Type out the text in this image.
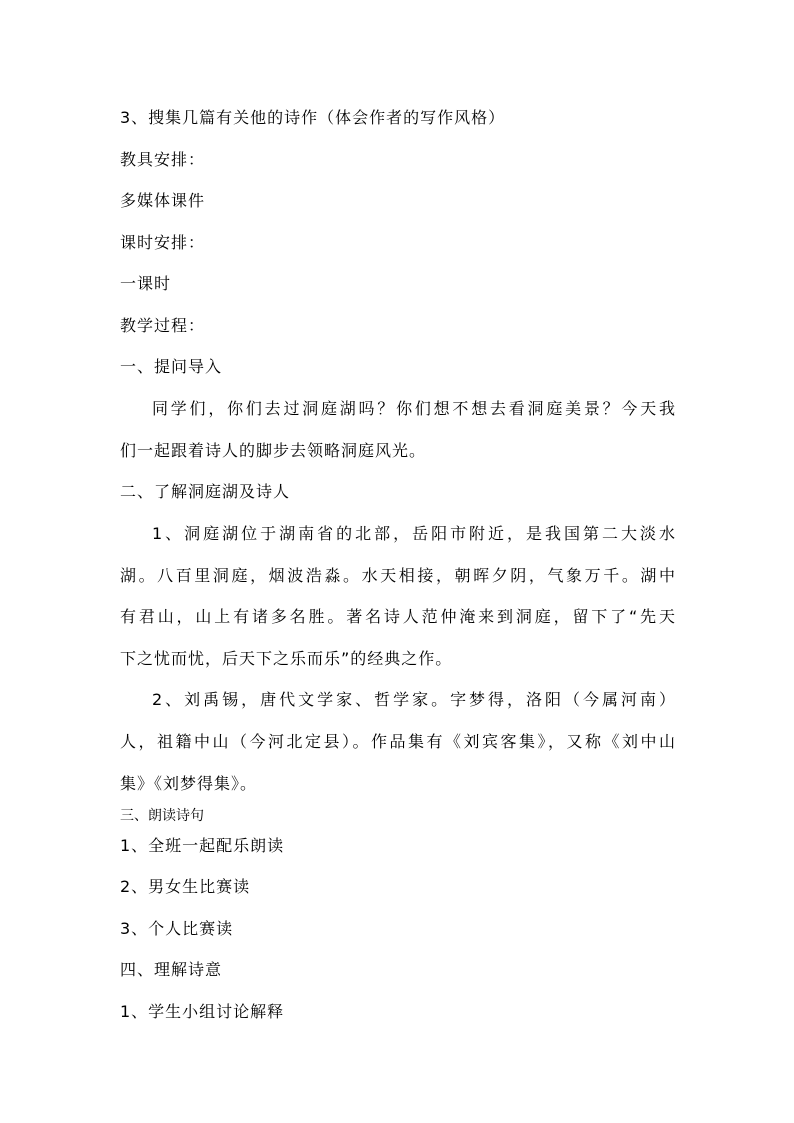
3、搜集几篇有关他的诗作（体会作者的写作风格）
教具安排：
多媒体课件
课时安排：
一课时
教学过程：
一、提问导入
同学们，你们去过洞庭湖吗？你们想不想去看洞庭美景？今天我
们一起跟着诗人的脚步去领略洞庭风光。
二、了解洞庭湖及诗人
1、洞庭湖位于湖南省的北部，岳阳市附近，是我国第二大淡水
湖。八百里洞庭，烟波浩淼。水天相接，朝晖夕阴，气象万千。湖中
有君山，山上有诸多名胜。著名诗人范仲淹来到洞庭，留下了“先天
下之忧而忧，后天下之乐而乐”的经典之作。
2、刘禹锡，唐代文学家、哲学家。字梦得，洛阳（今属河南）
人，祖籍中山（今河北定县）。作品集有《刘宾客集》，又称《刘中山
集》《刘梦得集》。
三、朗读诗句
1、全班一起配乐朗读
2、男女生比赛读
3、个人比赛读
四、理解诗意
1、学生小组讨论解释
